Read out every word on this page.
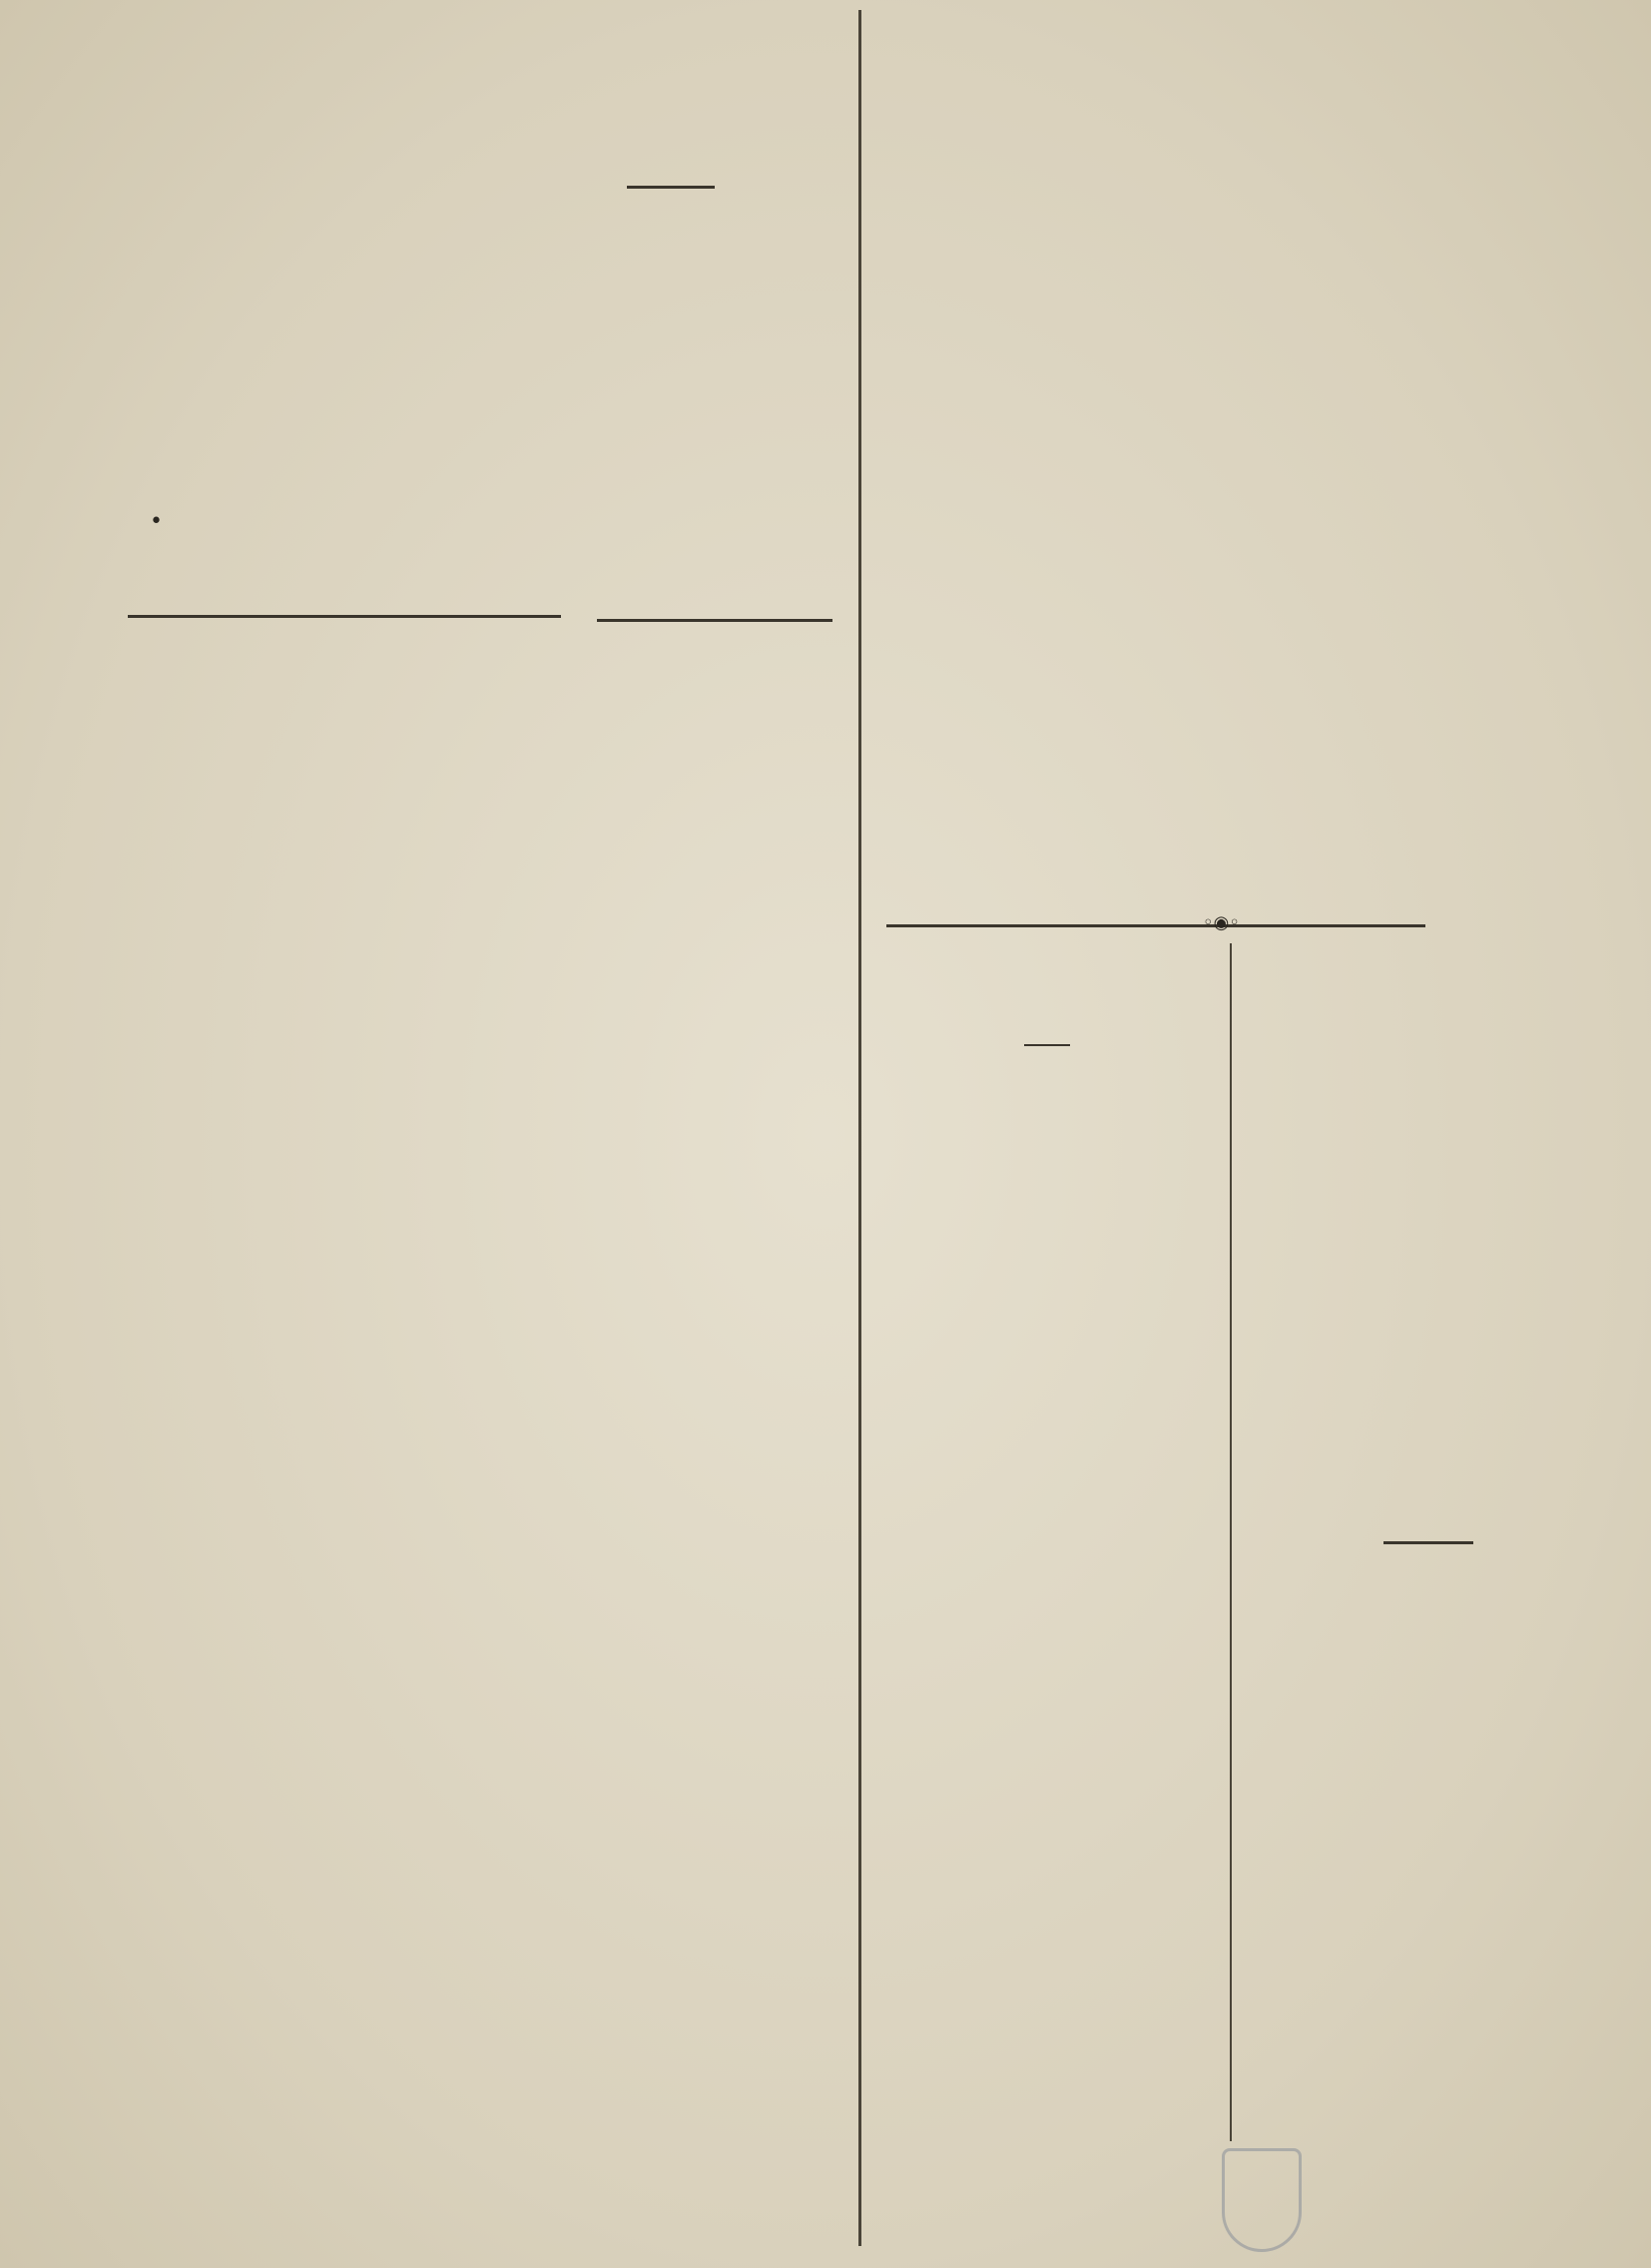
•
◦◉◦
